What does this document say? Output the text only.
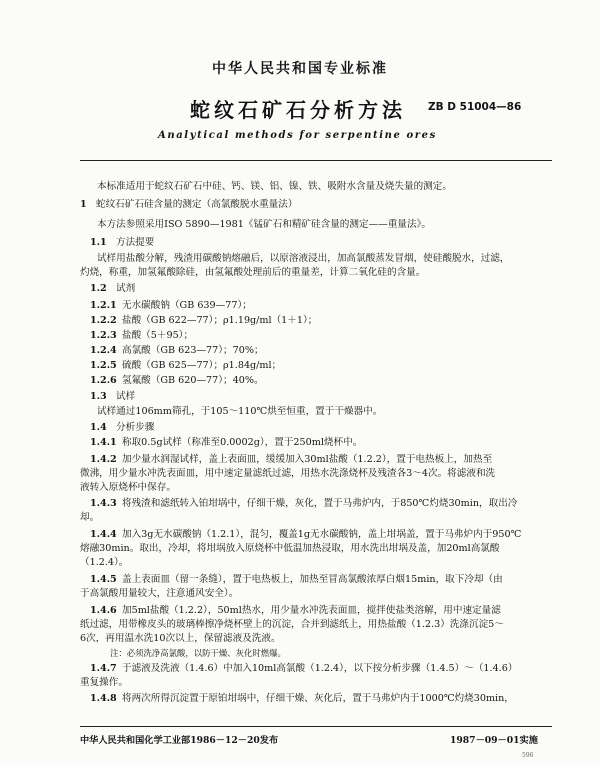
中华人民共和国专业标准
蛇纹石矿石分析方法 ZB D 51004—86
Analytical methods for serpentine ores
本标准适用于蛇纹石矿石中硅、钙、镁、铝、镍、铁、吸附水含量及烧失量的测定。
1 蛇纹石矿石硅含量的测定（高氯酸脱水重量法）
本方法参照采用ISO 5890—1981《锰矿石和精矿硅含量的测定——重量法》。
1.1 方法提要
试样用盐酸分解，残渣用碳酸钠熔融后，以原溶液浸出，加高氯酸蒸发冒烟，使硅酸脱水，过滤，
灼烧，称重，加氢氟酸除硅，由氢氟酸处理前后的重量差，计算二氧化硅的含量。
1.2 试剂
1.2.1 无水碳酸钠（GB 639—77）；
1.2.2 盐酸（GB 622—77）；ρ1.19g/ml（1＋1）；
1.2.3 盐酸（5＋95）；
1.2.4 高氯酸（GB 623—77）；70%；
1.2.5 硫酸（GB 625—77）；ρ1.84g/ml；
1.2.6 氢氟酸（GB 620—77）；40%。
1.3 试样
试样通过106mm筛孔，于105～110℃烘至恒重，置于干燥器中。
1.4 分析步骤
1.4.1 称取0.5g试样（称准至0.0002g），置于250ml烧杯中。
1.4.2 加少量水润湿试样，盖上表面皿，缓缓加入30ml盐酸（1.2.2），置于电热板上，加热至
微沸，用少量水冲洗表面皿，用中速定量滤纸过滤，用热水洗涤烧杯及残渣各3～4次。将滤液和洗
液转入原烧杯中保存。
1.4.3 将残渣和滤纸转入铂坩埚中，仔细干燥，灰化，置于马弗炉内，于850℃灼烧30min，取出冷
却。
1.4.4 加入3g无水碳酸钠（1.2.1），混匀，覆盖1g无水碳酸钠，盖上坩埚盖，置于马弗炉内于950℃
熔融30min。取出，冷却，将坩埚放入原烧杯中低温加热浸取，用水洗出坩埚及盖，加20ml高氯酸
（1.2.4）。
1.4.5 盖上表面皿（留一条缝），置于电热板上，加热至冒高氯酸浓厚白烟15min，取下冷却（由
于高氯酸用量较大，注意通风安全）。
1.4.6 加5ml盐酸（1.2.2），50ml热水，用少量水冲洗表面皿，搅拌使盐类溶解，用中速定量滤
纸过滤，用带橡皮头的玻璃棒擦净烧杯壁上的沉淀，合并到滤纸上，用热盐酸（1.2.3）洗涤沉淀5～
6次，再用温水洗10次以上，保留滤液及洗液。
注：必须洗净高氯酸，以防干燥、灰化时燃爆。
1.4.7 于滤液及洗液（1.4.6）中加入10ml高氯酸（1.2.4），以下按分析步骤（1.4.5）～（1.4.6）
重复操作。
1.4.8 将两次所得沉淀置于原铂坩埚中，仔细干燥、灰化后，置于马弗炉内于1000℃灼烧30min，
中华人民共和国化学工业部1986－12－20发布	1987－09－01实施
596
